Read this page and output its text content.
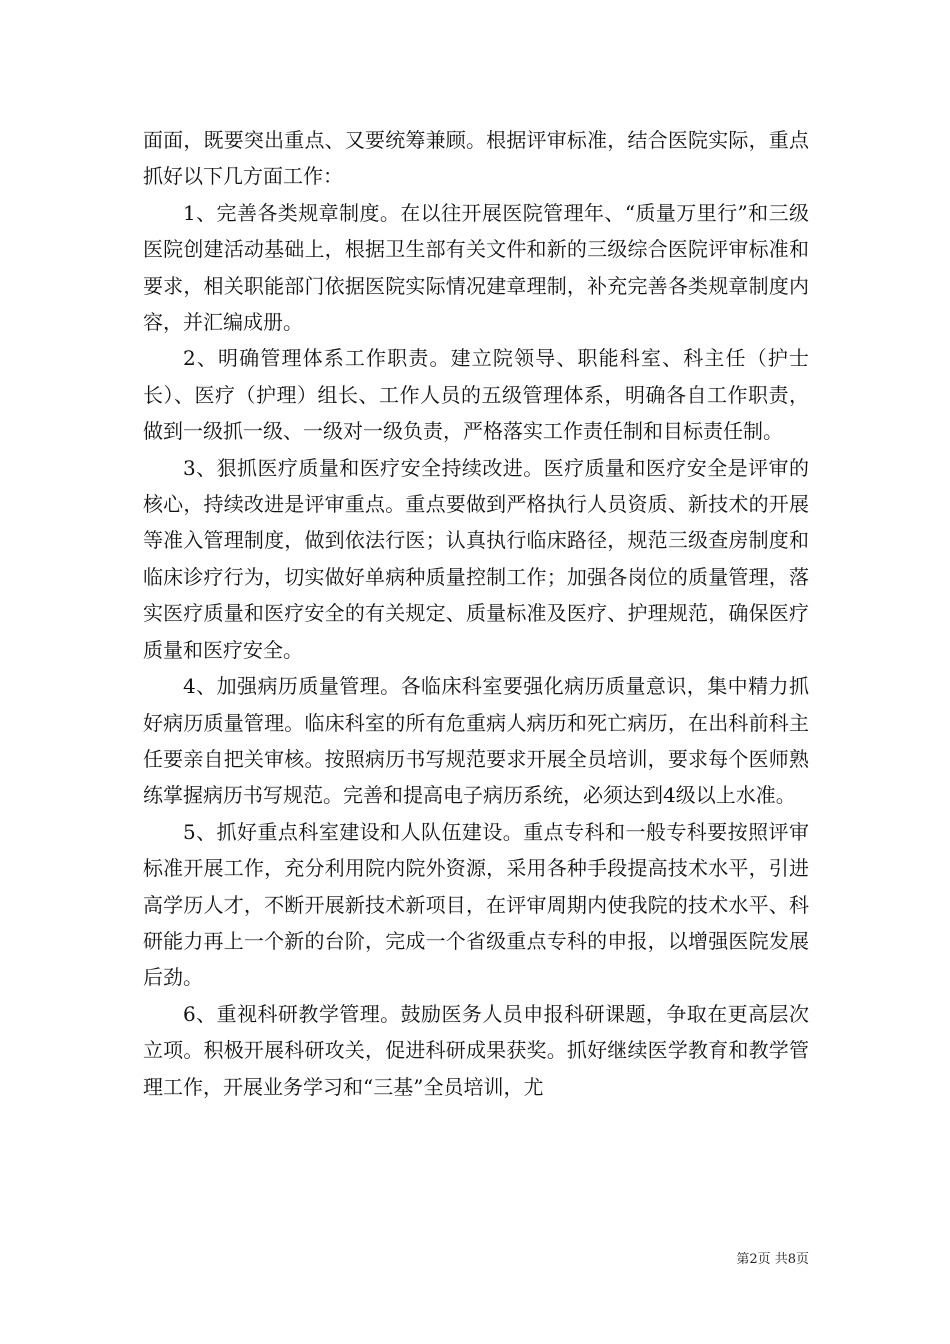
面面，既要突出重点、又要统筹兼顾。根据评审标准，结合医院实际，重点抓好以下几方面工作：

1、完善各类规章制度。在以往开展医院管理年、“质量万里行”和三级医院创建活动基础上，根据卫生部有关文件和新的三级综合医院评审标准和要求，相关职能部门依据医院实际情况建章理制，补充完善各类规章制度内容，并汇编成册。

2、明确管理体系工作职责。建立院领导、职能科室、科主任（护士长）、医疗（护理）组长、工作人员的五级管理体系，明确各自工作职责，做到一级抓一级、一级对一级负责，严格落实工作责任制和目标责任制。

3、狠抓医疗质量和医疗安全持续改进。医疗质量和医疗安全是评审的核心，持续改进是评审重点。重点要做到严格执行人员资质、新技术的开展等准入管理制度，做到依法行医；认真执行临床路径，规范三级查房制度和临床诊疗行为，切实做好单病种质量控制工作；加强各岗位的质量管理，落实医疗质量和医疗安全的有关规定、质量标准及医疗、护理规范，确保医疗质量和医疗安全。

4、加强病历质量管理。各临床科室要强化病历质量意识，集中精力抓好病历质量管理。临床科室的所有危重病人病历和死亡病历，在出科前科主任要亲自把关审核。按照病历书写规范要求开展全员培训，要求每个医师熟练掌握病历书写规范。完善和提高电子病历系统，必须达到4级以上水准。

5、抓好重点科室建设和人队伍建设。重点专科和一般专科要按照评审标准开展工作，充分利用院内院外资源，采用各种手段提高技术水平，引进高学历人才，不断开展新技术新项目，在评审周期内使我院的技术水平、科研能力再上一个新的台阶，完成一个省级重点专科的申报，以增强医院发展后劲。

6、重视科研教学管理。鼓励医务人员申报科研课题，争取在更高层次立项。积极开展科研攻关，促进科研成果获奖。抓好继续医学教育和教学管理工作，开展业务学习和“三基”全员培训，尤

第2页 共8页
